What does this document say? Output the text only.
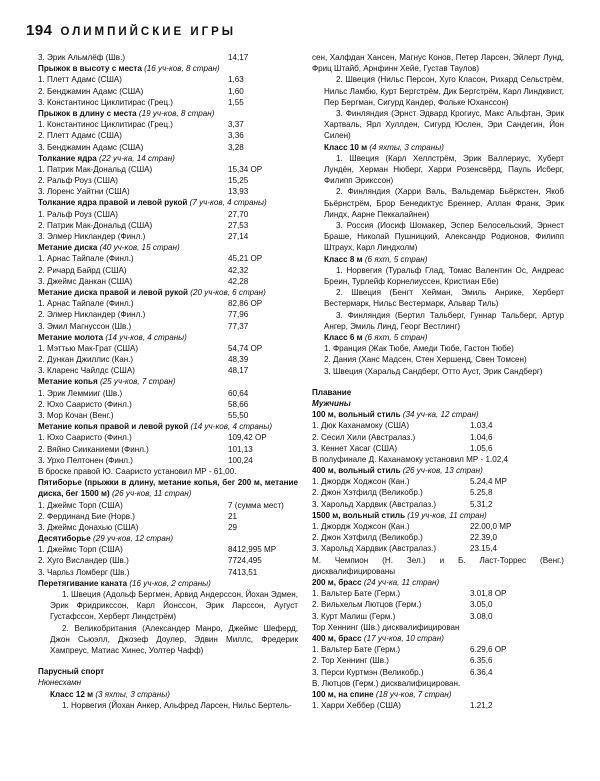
194 ОЛИМПИЙСКИЕ ИГРЫ
3. Эрик Альмлёф (Шв.)	14,17
Прыжок в высоту с места (16 уч-ков, 8 стран)
1. Плетт Адамс (США)	1,63
2. Бенджамин Адамс (США)	1,60
3. Константинос Циклитирас (Грец.)	1,55
Прыжок в длину с места (19 уч-ков, 8 стран)
1. Константинос Циклитирас (Грец.)	3,37
2. Плетт Адамс (США)	3,36
3. Бенджамин Адамс (США)	3,28
Толкание ядра (22 уч-ка, 14 стран)
1. Патрик Мак-Дональд (США)	15,34 ОР
2. Ральф Роуз (США)	15,25
3. Лоренс Уайтни (США)	13,93
Толкание ядра правой и левой рукой (7 уч-ков, 4 страны)
1. Ральф Роуз (США)	27,70
2. Патрик Мак-Дональд (США)	27,53
3. Элмер Никландер (Финл.)	27,14
Метание диска (40 уч-ков, 15 стран)
1. Арнас Тайпале (Финл.)	45,21 ОР
2. Ричард Байрд (США)	42,32
3. Джеймс Данкан (США)	42,28
Метание диска правой и левой рукой (20 уч-ков, 6 стран)
1. Арнас Тайпале (Финл.)	82,86 ОР
2. Элмер Никландер (Финл.)	77,96
3. Эмил Магнуссон (Шв.)	77,37
Метание молота (14 уч-ков, 4 страны)
1. Мэттью Мак-Грат (США)	54,74 ОР
2. Дункан Джиллис (Кан.)	48,39
3. Кларенс Чайлдс (США)	48,17
Метание копья (25 уч-ков, 7 стран)
1. Эрик Леммииг (Шв.)	60,64
2. Юхо Сааристо (Финл.)	58,66
3. Мор Кочан (Венг.)	55,50
Метание копья правой и левой рукой (14 уч-ков, 4 страны)
1. Юхо Сааристо (Финл.)	109,42 ОР
2. Вяйно Сииканиеми (Финл.)	101,13
3. Урхо Пелтонен (Финл.)	100,24
В броске правой Ю. Сааристо установил МР - 61,00.
Пятиборье (прыжки в длину, метание копья, бег 200 м, метание диска, бег 1500 м) (26 уч-ков, 11 стран)
1. Джеймс Торп (США)	7 (сумма мест)
2. Фердинанд Бие (Норв.)	21
3. Джеймс Донахью (США)	29
Десятиборье (29 уч-ков, 12 стран)
1. Джеймс Торп (США)	8412,995 МР
2. Хуго Висландер (Шв.)	7724,495
3. Чарльз Ломберг (Шв.)	7413,51
Перетягивание каната (16 уч-ков, 2 страны)
1. Швеция (Адольф Бергмен, Арвид Андерссон, Йохан Эдмен, Эрик Фридрикссон, Карл Йонссон, Эрик Ларссон, Аугуст Густафссон, Херберт Линдстрём)
2. Великобритания (Александер Манро, Джеймс Шеферд, Джон Сьюэлл, Джозеф Доулер, Эдвин Миллс, Фредерик Хампреус, Матиас Хинес, Уолтер Чафф)
Парусный спорт
Нюнесхамн
Класс 12 м (3 яхты, 3 страны)
1. Норвегия (Йохан Анкер, Альфред Ларсен, Нильс Бертель-
сен, Халфдан Хансен, Магнус Конов, Петер Ларсен, Эйлерт Лунд, Фриц Штайб, Арнфинн Хейе, Густав Таулов)
2. Швеция (Нильс Персон, Хуго Класон, Рихард Сельстрём, Нильс Ламбю, Курт Бергстрём, Дик Бергстрём, Карл Линдквист, Пер Бергман, Сигурд Кандер, Фольке Юханссон)
3. Финляндия (Эрнст Эдвард Крогиус, Макс Альфтан, Эрик Хартваль, Ярл Хуллден, Сигурд Юслен, Эри Сандегин, Йон Силен)
Класс 10 м (4 яхты, 3 страны)
1. Швеция (Карл Хеллстрём, Эрик Валлериус, Хуберт Лундён, Херман Нюберг, Харри Розенсвёрд, Пауль Исберг, Филипп Эрикссон)
2. Финляндия (Харри Валь, Вальдемар Бьёркстен, Якоб Бьёрнстрём, Брор Бенедиктус Бреннер, Аллан Франк, Эрик Линдх, Аарне Пеккалайнен)
3. Россия (Иосиф Шомакер, Эспер Белосельский, Эрнест Браше, Николай Пушницкий, Александр Родионов, Филипп Штраух, Карл Линдхолм)
Класс 8 м (6 яхт, 5 стран)
1. Норвегия (Туральф Глад, Томас Валентин Ос, Андреас Бреин, Турлейф Корнелиуссен, Кристиан Ебе)
2. Швеция (Бенгт Хейман, Эмиль Анрике, Херберт Вестермарк, Нильс Вестермарк, Альвар Тиль)
3. Финляндия (Бертил Тальберг, Гуннар Тальберг, Артур Ангер, Эмиль Линд, Георг Вестлинг)
Класс 6 м (6 яхт, 5 стран)
1. Франция (Жак Тюбе, Амеди Тюбе, Гастон Тюбе)
2. Дания (Ханс Мадсен, Стен Хершенд, Свен Томсен)
3. Швеция (Харальд Сандберг, Отто Ауст, Эрик Сандберг)
Плавание
Мужчины
100 м, вольный стиль (34 уч-ка, 12 стран)
1. Дюк Каханамоку (США)	1.03,4
2. Сесил Хили (Австралаз.)	1.04,6
3. Кеннет Хасаг (США)	1.05,6
В полуфинале Д. Каханамоку установил МР - 1.02,4
400 м, вольный стиль (26 уч-ков, 13 стран)
1. Джордж Ходжсон (Кан.)	5.24,4 МР
2. Джон Хэтфилд (Великобр.)	5.25,8
3. Харольд Хардвик (Австралаз.)	5.31,2
1500 м, вольный стиль (19 уч-ков, 11 стран)
1. Джордж Ходжсон (Кан.)	22.00,0 МР
2. Джон Хэтфилд (Великобр.)	22.39,0
3. Харольд Хардвик (Австралаз.)	23.15,4
М. Чемпион (Н. Зел.) и Б. Ласт-Торрес (Венг.) дисквалифицированы
200 м, брасс (24 уч-ка, 11 стран)
1. Вальтер Бате (Герм.)	3.01,8 ОР
2. Вильхельм Лютцов (Герм.)	3.05,0
3. Курт Малиш (Герм.)	3.08,0
Тор Хеннинг (Шв.) дисквалифицирован
400 м, брасс (17 уч-ков, 10 стран)
1. Вальтер Бате (Герм.)	6.29,6 ОР
2. Тор Хеннинг (Шв.)	6.35,6
3. Перси Куртмэн (Великобр.)	6.36,4
В. Лютцов (Герм.) дисквалифицирован.
100 м, на спине (18 уч-ков, 7 стран)
1. Харри Хеббер (США)	1.21,2
